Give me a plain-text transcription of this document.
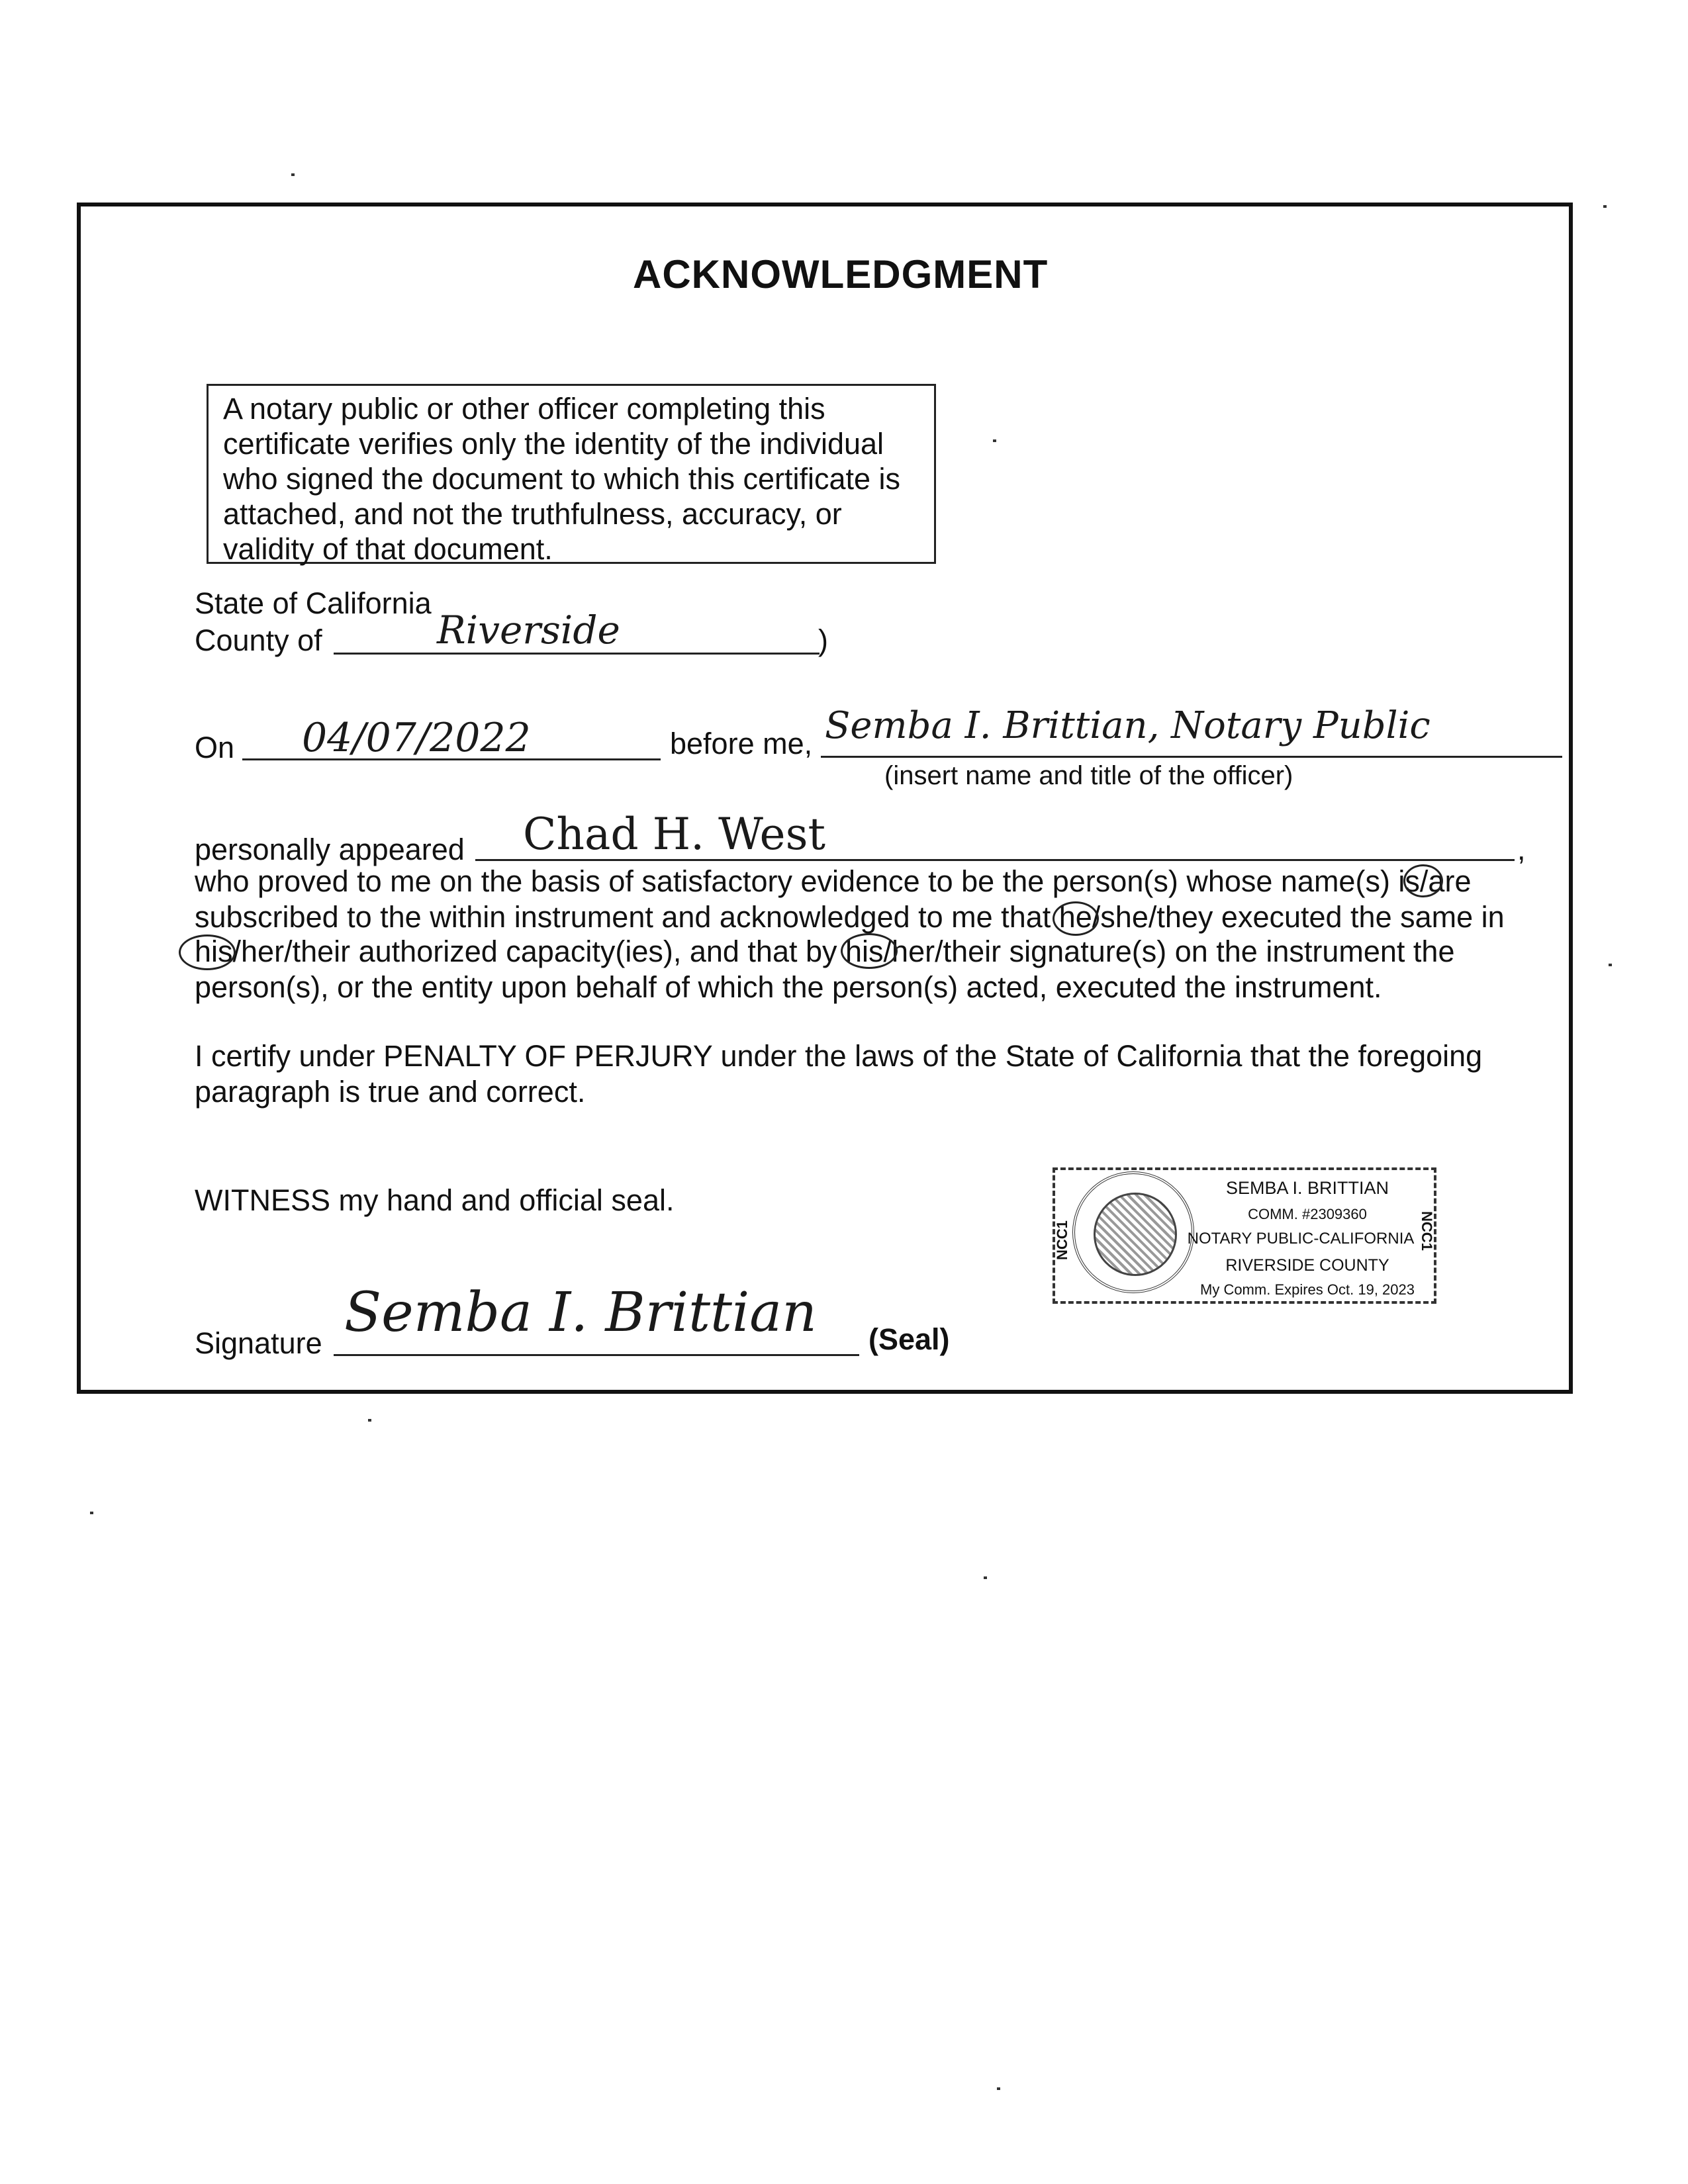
ACKNOWLEDGMENT
A notary public or other officer completing this
certificate verifies only the identity of the individual
who signed the document to which this certificate is
attached, and not the truthfulness, accuracy, or
validity of that document.
State of California
County of	Riverside	)
On 04/07/2022	before me, Semba I. Brittian, Notary Public
(insert name and title of the officer)
personally appeared Chad H. West	,
who proved to me on the basis of satisfactory evidence to be the person(s) whose name(s) is/are
subscribed to the within instrument and acknowledged to me that he/she/they executed the same in
his/her/their authorized capacity(ies), and that by his/her/their signature(s) on the instrument the
person(s), or the entity upon behalf of which the person(s) acted, executed the instrument.
I certify under PENALTY OF PERJURY under the laws of the State of California that the foregoing
paragraph is true and correct.
WITNESS my hand and official seal.
NCC1	NCC1
SEMBA I. BRITTIAN
COMM. #2309360
NOTARY PUBLIC-CALIFORNIA
RIVERSIDE COUNTY
My Comm. Expires Oct. 19, 2023
Signature Semba I. Brittian (Seal)
